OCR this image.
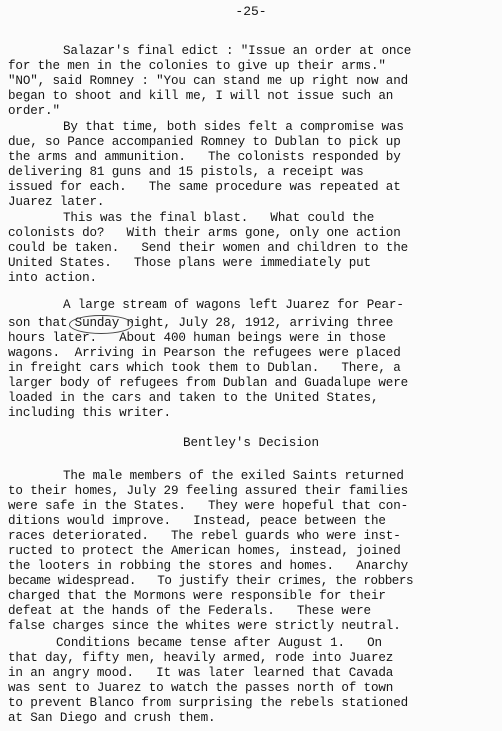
-25-
Salazar's final edict : "Issue an order at once
for the men in the colonies to give up their arms."
"NO", said Romney : "You can stand me up right now and
began to shoot and kill me, I will not issue such an
order."
By that time, both sides felt a compromise was
due, so Pance accompanied Romney to Dublan to pick up
the arms and ammunition.   The colonists responded by
delivering 81 guns and 15 pistols, a receipt was
issued for each.   The same procedure was repeated at
Juarez later.
This was the final blast.   What could the
colonists do?   With their arms gone, only one action
could be taken.   Send their women and children to the
United States.   Those plans were immediately put
into action.
A large stream of wagons left Juarez for Pear-
son that Sunday night, July 28, 1912, arriving three
hours later.   About 400 human beings were in those
wagons.  Arriving in Pearson the refugees were placed
in freight cars which took them to Dublan.   There, a
larger body of refugees from Dublan and Guadalupe were
loaded in the cars and taken to the United States,
including this writer.
Bentley's Decision
The male members of the exiled Saints returned
to their homes, July 29 feeling assured their families
were safe in the States.   They were hopeful that con-
ditions would improve.   Instead, peace between the
races deteriorated.   The rebel guards who were inst-
ructed to protect the American homes, instead, joined
the looters in robbing the stores and homes.   Anarchy
became widespread.   To justify their crimes, the robbers
charged that the Mormons were responsible for their
defeat at the hands of the Federals.   These were
false charges since the whites were strictly neutral.
Conditions became tense after August 1.   On
that day, fifty men, heavily armed, rode into Juarez
in an angry mood.   It was later learned that Cavada
was sent to Juarez to watch the passes north of town
to prevent Blanco from surprising the rebels stationed
at San Diego and crush them.
